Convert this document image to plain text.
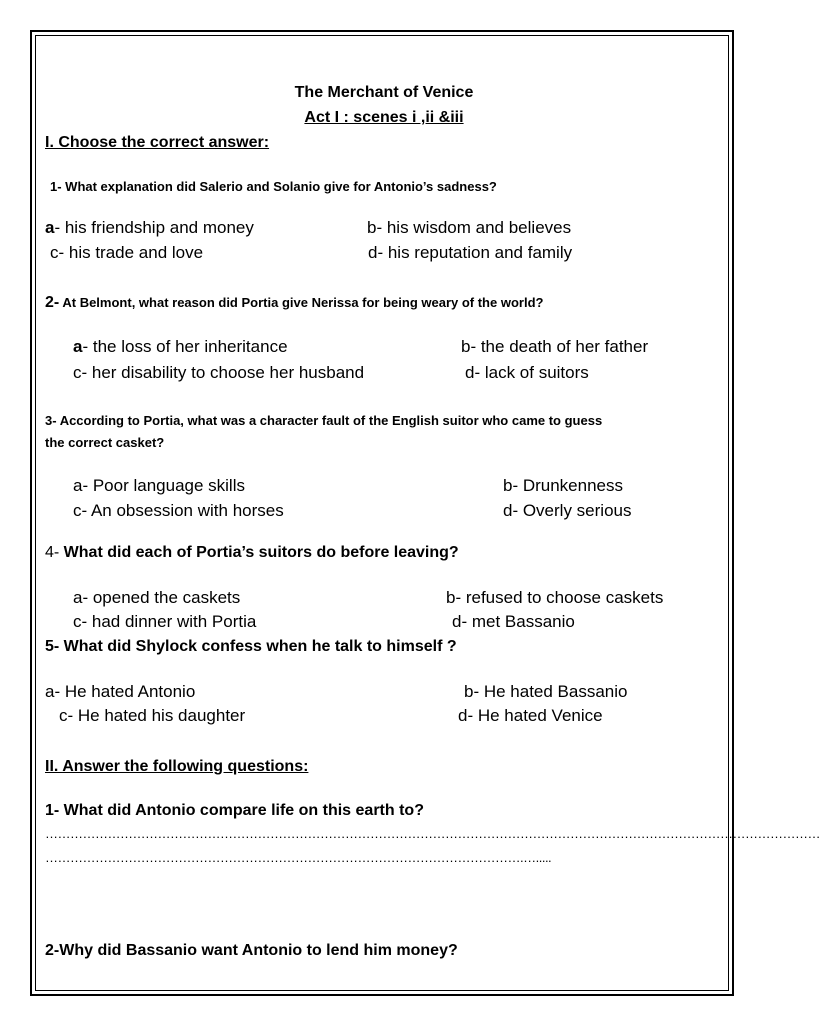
The Merchant of Venice
Act I : scenes i ,ii &iii
I. Choose the correct answer:
1- What explanation did Salerio and Solanio give for Antonio’s sadness?
a- his friendship and money	b- his wisdom and believes
c- his trade and love	d- his reputation and family
2- At Belmont, what reason did Portia give Nerissa for being weary of the world?
a- the loss of her inheritance	b- the death of her father
c- her disability to choose her husband	d- lack of suitors
3- According to Portia, what was a character fault of the English suitor who came to guess
the correct casket?
a- Poor language skills	b- Drunkenness
c- An obsession with horses	d- Overly serious
4- What did each of Portia’s suitors do before leaving?
a- opened the caskets	b- refused to choose caskets
c- had dinner with Portia	d- met Bassanio
5- What did Shylock confess when he talk to himself ?
a- He hated Antonio	b- He hated Bassanio
c- He hated his daughter	d- He hated Venice
II. Answer the following questions:
1- What did Antonio compare life on this earth to?
……………………………………………………………………………………………………………………………………………………………………
…………………………………………………………………………………………………….….....
2-Why did Bassanio want Antonio to lend him money?
